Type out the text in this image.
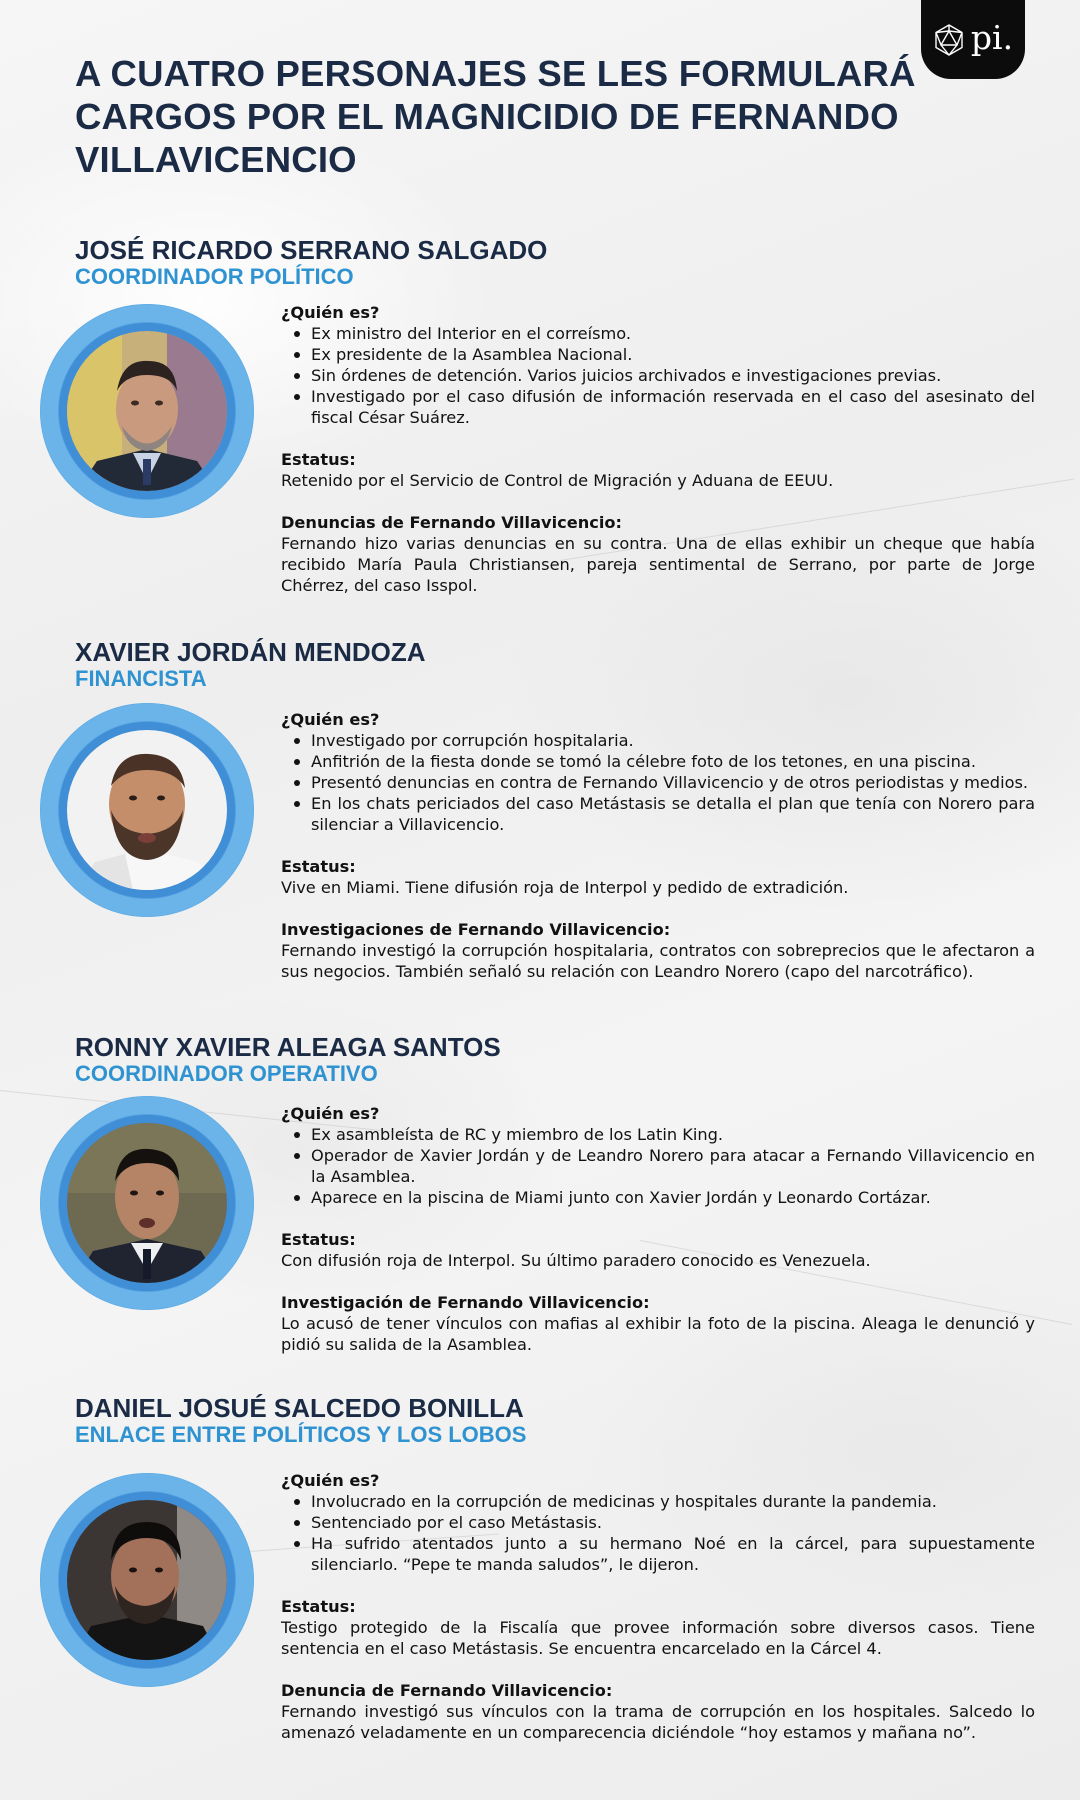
pi.
A CUATRO PERSONAJES SE LES FORMULARÁ CARGOS POR EL MAGNICIDIO DE FERNANDO VILLAVICENCIO
JOSÉ RICARDO SERRANO SALGADO
COORDINADOR POLÍTICO
¿Quién es?
Ex ministro del Interior en el correísmo.
Ex presidente de la Asamblea Nacional.
Sin órdenes de detención. Varios juicios archivados e investigaciones previas.
Investigado por el caso difusión de información reservada en el caso del asesinato del fiscal César Suárez.
Estatus:

Retenido por el Servicio de Control de Migración y Aduana de EEUU.

Denuncias de Fernando Villavicencio:

Fernando hizo varias denuncias en su contra. Una de ellas exhibir un cheque que había recibido María Paula Christiansen, pareja sentimental de Serrano, por parte de Jorge Chérrez, del caso Isspol.

XAVIER JORDÁN MENDOZA
FINANCISTA
¿Quién es?
Investigado por corrupción hospitalaria.
Anfitrión de la fiesta donde se tomó la célebre foto de los tetones, en una piscina.
Presentó denuncias en contra de Fernando Villavicencio y de otros periodistas y medios.
En los chats periciados del caso Metástasis se detalla el plan que tenía con Norero para silenciar a Villavicencio.
Estatus:

Vive en Miami. Tiene difusión roja de Interpol y pedido de extradición.

Investigaciones de Fernando Villavicencio:

Fernando investigó la corrupción hospitalaria, contratos con sobreprecios que le afectaron a sus negocios. También señaló su relación con Leandro Norero (capo del narcotráfico).

RONNY XAVIER ALEAGA SANTOS
COORDINADOR OPERATIVO
¿Quién es?
Ex asambleísta de RC y miembro de los Latin King.
Operador de Xavier Jordán y de Leandro Norero para atacar a Fernando Villavicencio en la Asamblea.
Aparece en la piscina de Miami junto con Xavier Jordán y Leonardo Cortázar.
Estatus:

Con difusión roja de Interpol. Su último paradero conocido es Venezuela.

Investigación de Fernando Villavicencio:

Lo acusó de tener vínculos con mafias al exhibir la foto de la piscina. Aleaga le denunció y pidió su salida de la Asamblea.

DANIEL JOSUÉ SALCEDO BONILLA
ENLACE ENTRE POLÍTICOS Y LOS LOBOS
¿Quién es?
Involucrado en la corrupción de medicinas y hospitales durante la pandemia.
Sentenciado por el caso Metástasis.
Ha sufrido atentados junto a su hermano Noé en la cárcel, para supuestamente silenciarlo. “Pepe te manda saludos”, le dijeron.
Estatus:

Testigo protegido de la Fiscalía que provee información sobre diversos casos. Tiene sentencia en el caso Metástasis. Se encuentra encarcelado en la Cárcel 4.

Denuncia de Fernando Villavicencio:

Fernando investigó sus vínculos con la trama de corrupción en los hospitales. Salcedo lo amenazó veladamente en un comparecencia diciéndole “hoy estamos y mañana no”.
